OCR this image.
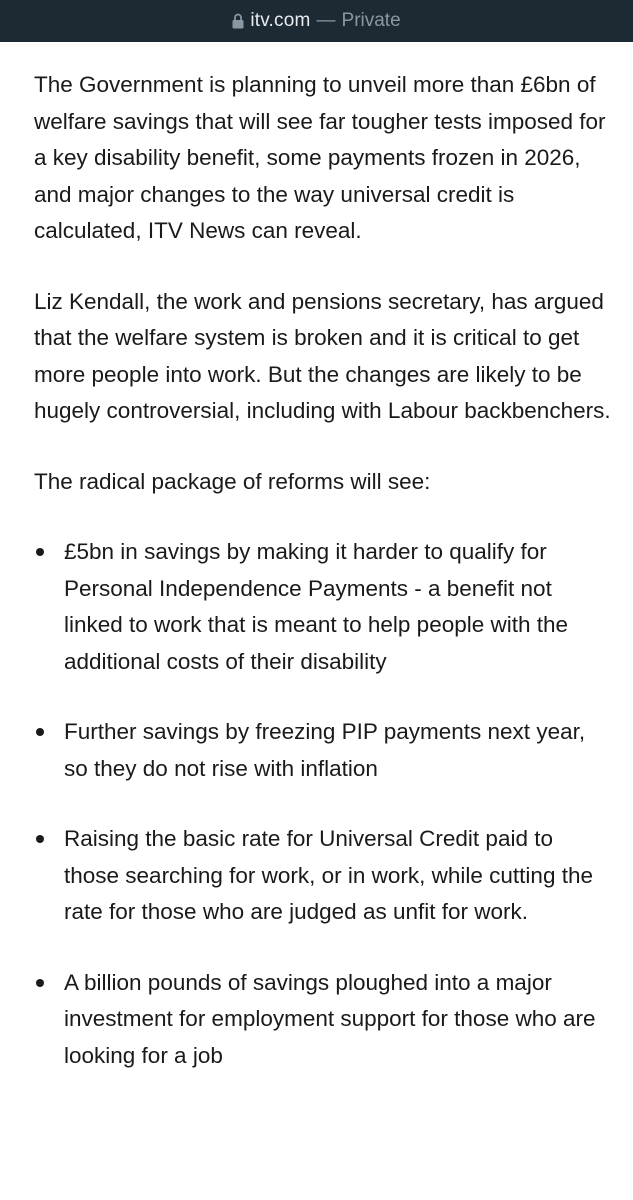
itv.com — Private

The Government is planning to unveil more than £6bn of welfare savings that will see far tougher tests imposed for a key disability benefit, some payments frozen in 2026, and major changes to the way universal credit is calculated, ITV News can reveal.

Liz Kendall, the work and pensions secretary, has argued that the welfare system is broken and it is critical to get more people into work. But the changes are likely to be hugely controversial, including with Labour backbenchers.

The radical package of reforms will see:

£5bn in savings by making it harder to qualify for Personal Independence Payments - a benefit not linked to work that is meant to help people with the additional costs of their disability
Further savings by freezing PIP payments next year, so they do not rise with inflation
Raising the basic rate for Universal Credit paid to those searching for work, or in work, while cutting the rate for those who are judged as unfit for work.
A billion pounds of savings ploughed into a major investment for employment support for those who are looking for a job
